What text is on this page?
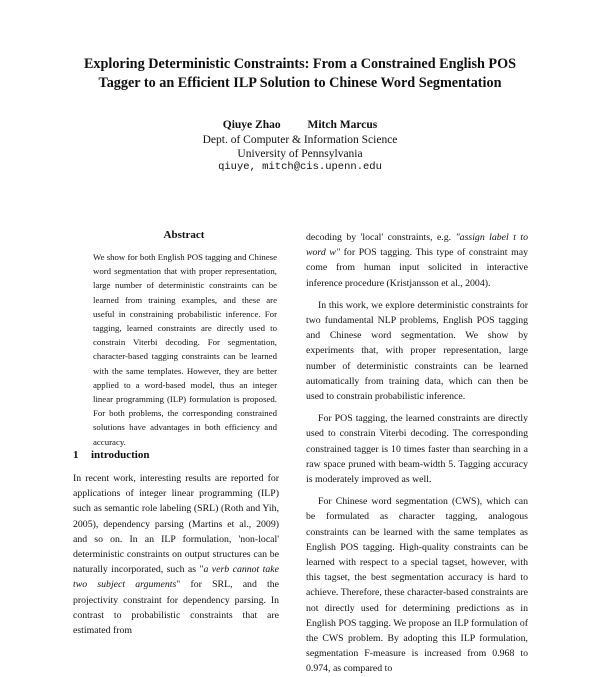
Exploring Deterministic Constraints: From a Constrained English POS
Tagger to an Efficient ILP Solution to Chinese Word Segmentation
Qiuye Zhao Mitch Marcus
Dept. of Computer & Information Science
University of Pennsylvania
qiuye, mitch@cis.upenn.edu
Abstract
We show for both English POS tagging and Chinese word segmentation that with proper representation, large number of deterministic constraints can be learned from training examples, and these are useful in constraining probabilistic inference. For tagging, learned constraints are directly used to constrain Viterbi decoding. For segmentation, character-based tagging constraints can be learned with the same templates. However, they are better applied to a word-based model, thus an integer linear programming (ILP) formulation is proposed. For both problems, the corresponding constrained solutions have advantages in both efficiency and accuracy.
1 introduction

In recent work, interesting results are reported for applications of integer linear programming (ILP) such as semantic role labeling (SRL) (Roth and Yih, 2005), dependency parsing (Martins et al., 2009) and so on. In an ILP formulation, 'non-local' deterministic constraints on output structures can be naturally incorporated, such as "a verb cannot take two subject arguments" for SRL, and the projectivity constraint for dependency parsing. In contrast to probabilistic constraints that are estimated from

decoding by 'local' constraints, e.g. "assign label t to word w" for POS tagging. This type of constraint may come from human input solicited in interactive inference procedure (Kristjansson et al., 2004).

In this work, we explore deterministic constraints for two fundamental NLP problems, English POS tagging and Chinese word segmentation. We show by experiments that, with proper representation, large number of deterministic constraints can be learned automatically from training data, which can then be used to constrain probabilistic inference.

For POS tagging, the learned constraints are directly used to constrain Viterbi decoding. The corresponding constrained tagger is 10 times faster than searching in a raw space pruned with beam-width 5. Tagging accuracy is moderately improved as well.

For Chinese word segmentation (CWS), which can be formulated as character tagging, analogous constraints can be learned with the same templates as English POS tagging. High-quality constraints can be learned with respect to a special tagset, however, with this tagset, the best segmentation accuracy is hard to achieve. Therefore, these character-based constraints are not directly used for determining predictions as in English POS tagging. We propose an ILP formulation of the CWS problem. By adopting this ILP formulation, segmentation F-measure is increased from 0.968 to 0.974, as compared to
